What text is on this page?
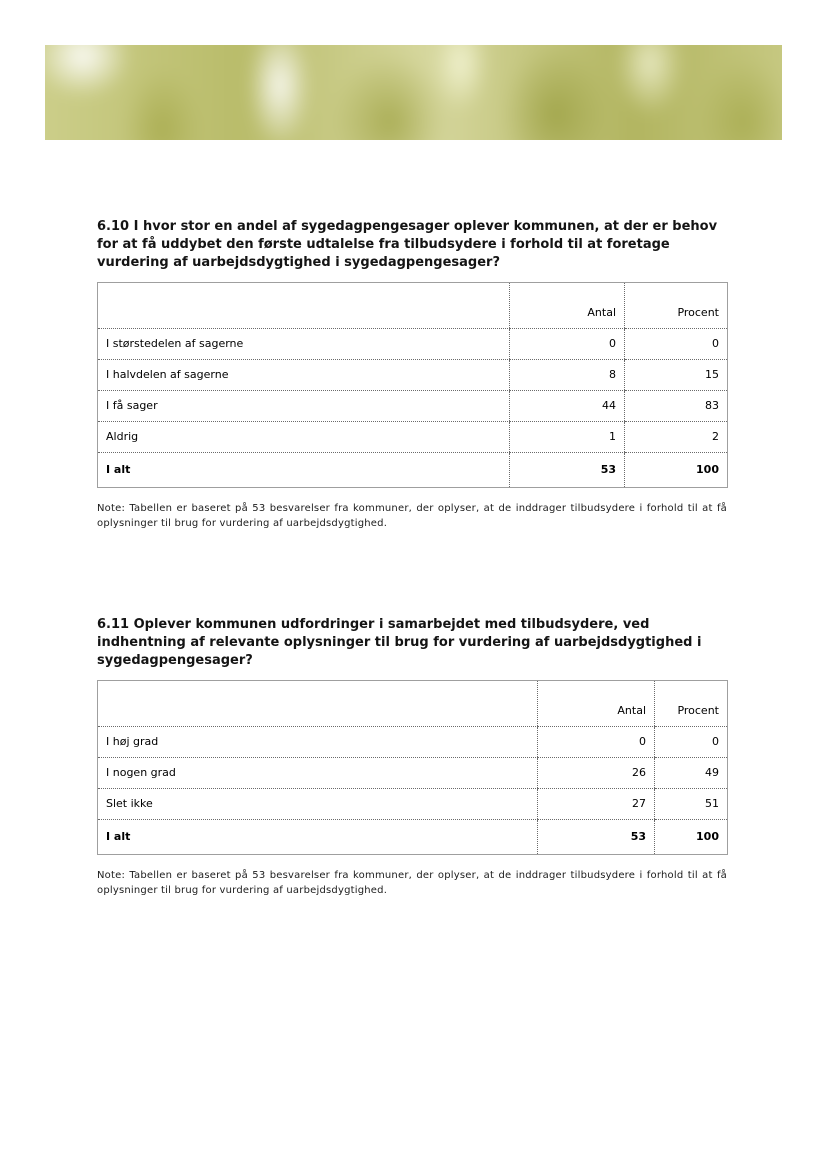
6.10 I hvor stor en andel af sygedagpengesager oplever kommunen, at der er behov for at få uddybet den første udtalelse fra tilbudsydere i forhold til at foretage vurdering af uarbejdsdygtighed i sygedagpengesager?

	Antal	Procent
I størstedelen af sagerne	0	0
I halvdelen af sagerne	8	15
I få sager	44	83
Aldrig	1	2
I alt	53	100

Note: Tabellen er baseret på 53 besvarelser fra kommuner, der oplyser, at de inddrager tilbudsydere i forhold til at få oplysninger til brug for vurdering af uarbejdsdygtighed.

6.11 Oplever kommunen udfordringer i samarbejdet med tilbudsydere, ved indhentning af relevante oplysninger til brug for vurdering af uarbejdsdygtighed i sygedagpengesager?

	Antal	Procent
I høj grad	0	0
I nogen grad	26	49
Slet ikke	27	51
I alt	53	100

Note: Tabellen er baseret på 53 besvarelser fra kommuner, der oplyser, at de inddrager tilbudsydere i forhold til at få oplysninger til brug for vurdering af uarbejdsdygtighed.
